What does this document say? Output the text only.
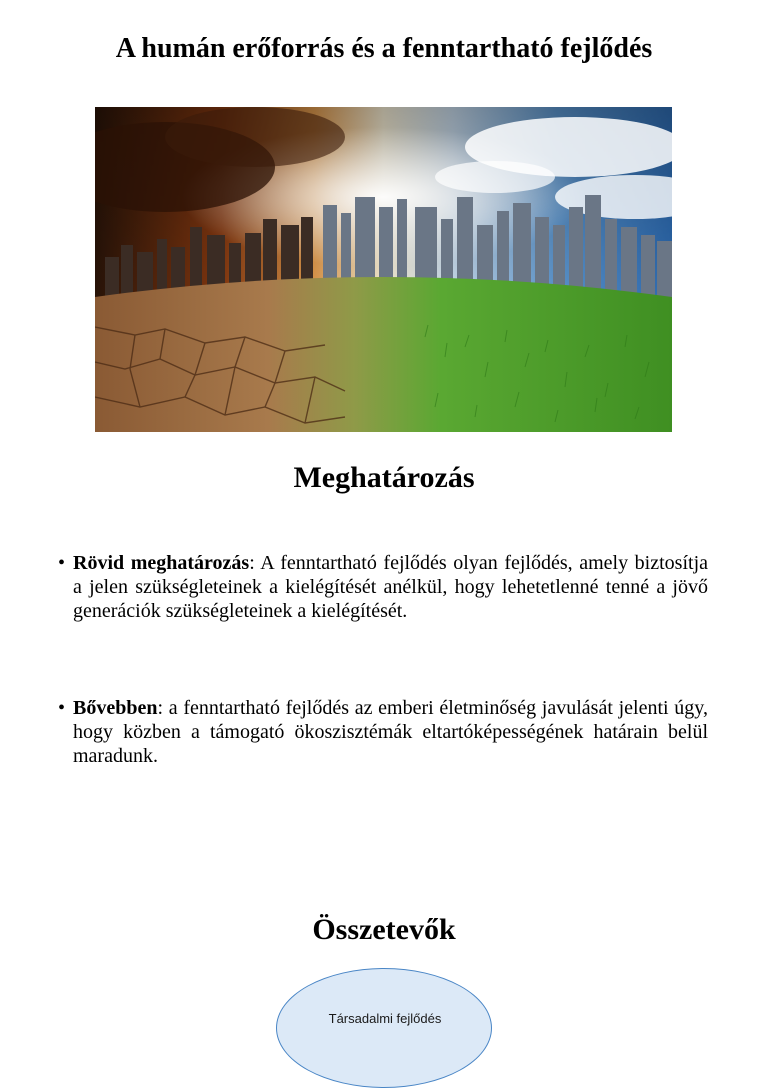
A humán erőforrás és a fenntartható fejlődés
Meghatározás
• Rövid meghatározás: A fenntartható fejlődés olyan fejlődés, amely biztosítja a jelen szükségleteinek a kielégítését anélkül, hogy lehetetlenné tenné a jövő generációk szükségleteinek a kielégítését.
• Bővebben: a fenntartható fejlődés az emberi életminőség javulását jelenti úgy, hogy közben a támogató ökoszisztémák eltartóképességének határain belül maradunk.
Összetevők
Társadalmi fejlődés
